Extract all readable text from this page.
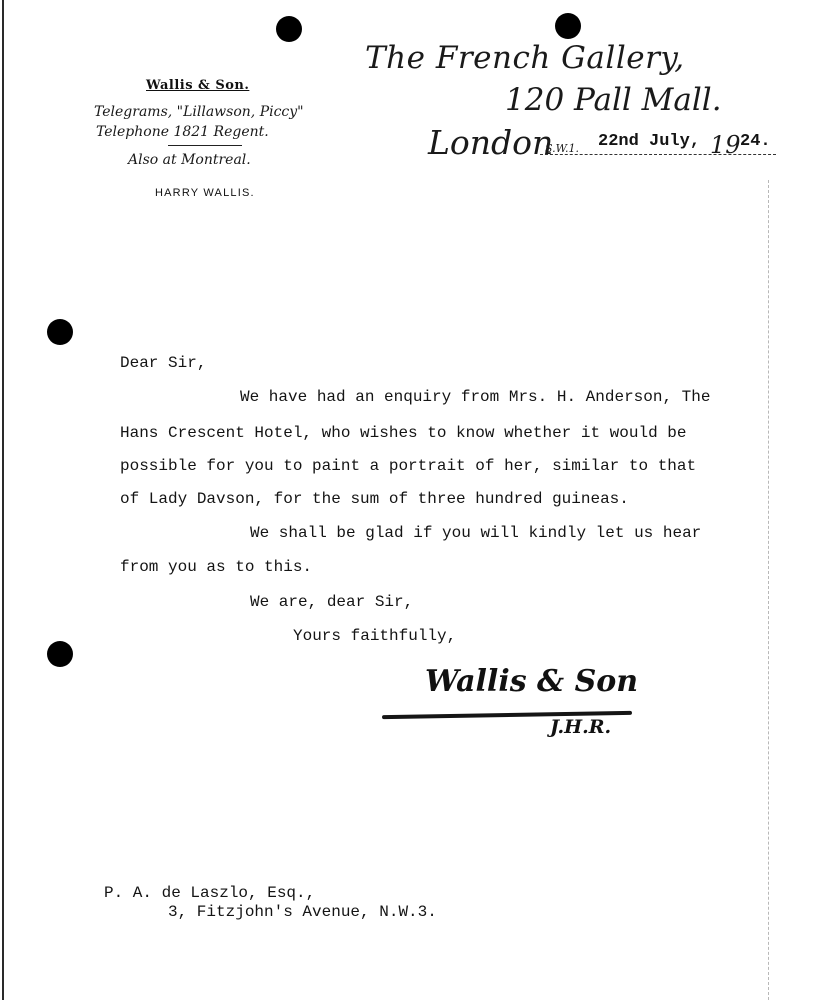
The French Gallery,
120 Pall Mall.
London
S.W.1. 22nd July, 19 24.
Wallis & Son.
Telegrams, "Lillawson, Piccy"
Telephone 1821 Regent.
Also at Montreal.
HARRY WALLIS.
Dear Sir,
We have had an enquiry from Mrs. H. Anderson, The
Hans Crescent Hotel, who wishes to know whether it would be
possible for you to paint a portrait of her, similar to that
of Lady Davson, for the sum of three hundred guineas.
We shall be glad if you will kindly let us hear
from you as to this.
We are, dear Sir,
Yours faithfully,
Wallis & Son
J.H.R.
P. A. de Laszlo, Esq.,
3, Fitzjohn's Avenue, N.W.3.
